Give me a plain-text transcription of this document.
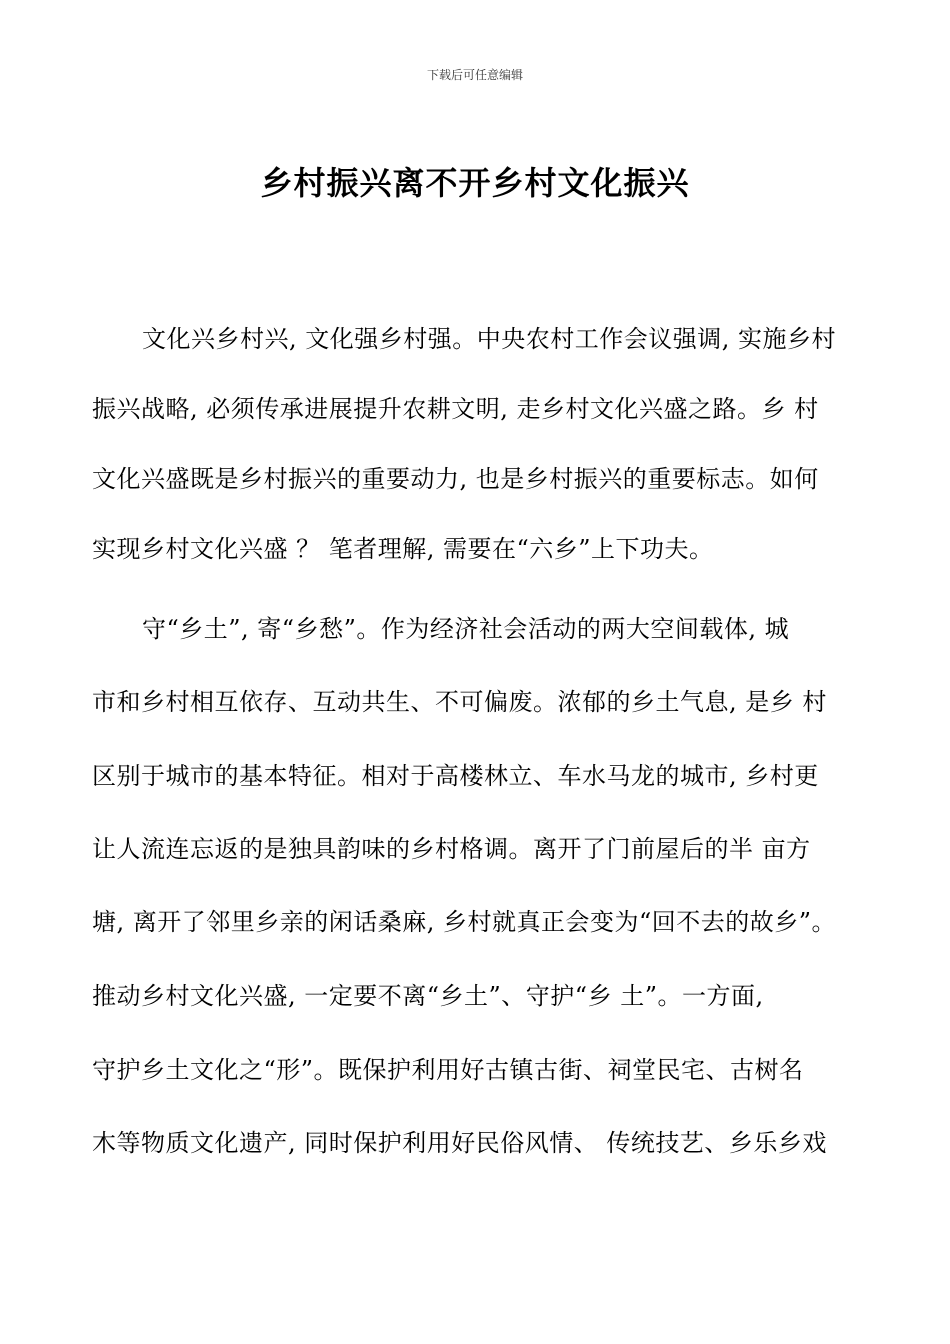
下载后可任意编辑
乡村振兴离不开乡村文化振兴
文化兴乡村兴, 文化强乡村强。中央农村工作会议强调, 实施乡村
振兴战略, 必须传承进展提升农耕文明, 走乡村文化兴盛之路。乡 村
文化兴盛既是乡村振兴的重要动力, 也是乡村振兴的重要标志。如何
实现乡村文化兴盛 ？ 笔者理解, 需要在“六乡”上下功夫。
守“乡土”, 寄“乡愁”。作为经济社会活动的两大空间载体, 城
市和乡村相互依存、互动共生、不可偏废。浓郁的乡土气息, 是乡 村
区别于城市的基本特征。相对于高楼林立、车水马龙的城市, 乡村更
让人流连忘返的是独具韵味的乡村格调。离开了门前屋后的半 亩方
塘, 离开了邻里乡亲的闲话桑麻, 乡村就真正会变为“回不去的故乡”。
推动乡村文化兴盛, 一定要不离“乡土”、守护“乡 土”。一方面,
守护乡土文化之“形”。既保护利用好古镇古街、祠堂民宅、古树名
木等物质文化遗产, 同时保护利用好民俗风情、 传统技艺、乡乐乡戏
